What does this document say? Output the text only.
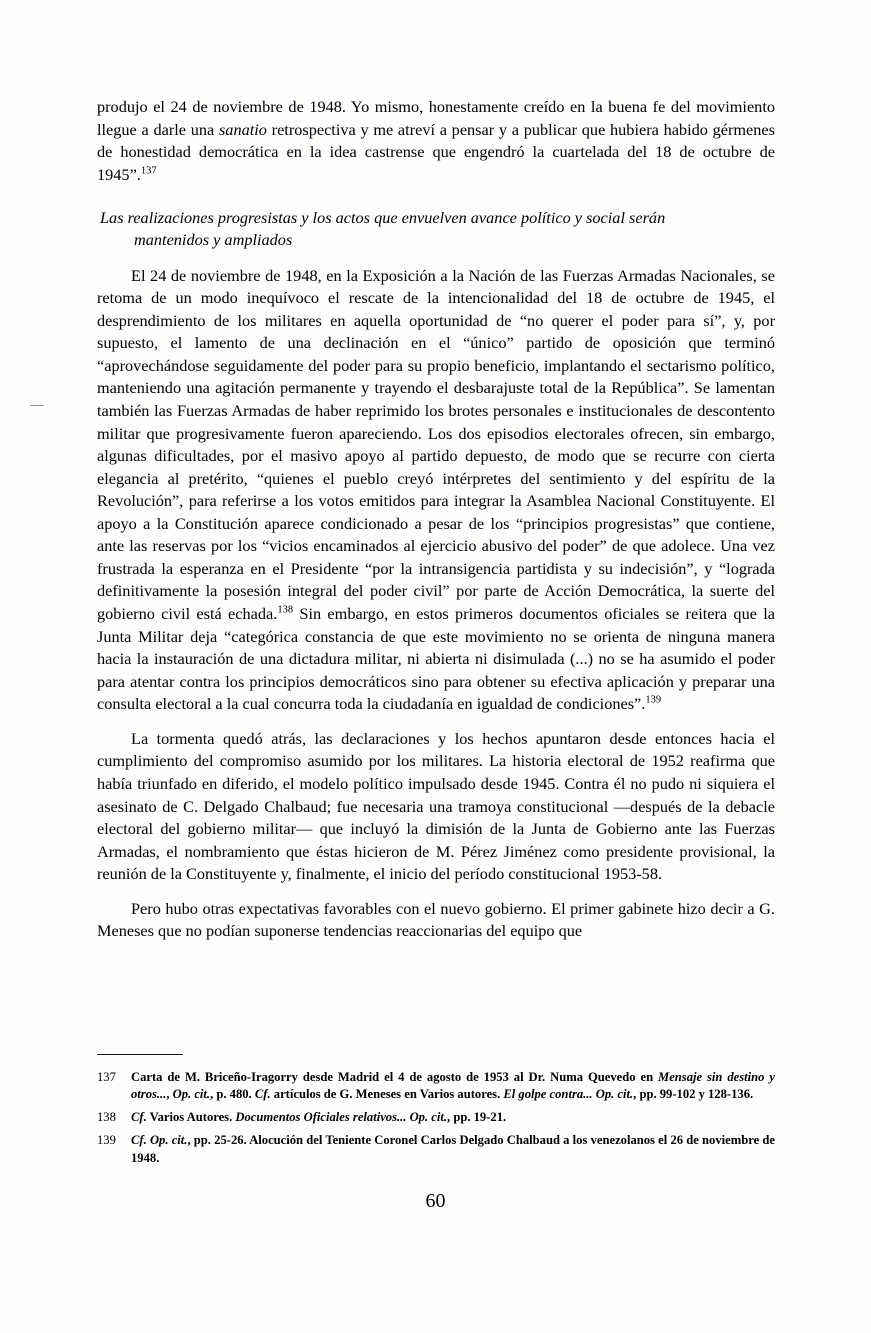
produjo el 24 de noviembre de 1948. Yo mismo, honestamente creído en la buena fe del movimiento llegue a darle una sanatio retrospectiva y me atreví a pensar y a publicar que hubiera habido gérmenes de honestidad democrática en la idea castrense que engendró la cuartelada del 18 de octubre de 1945”.$^{137}$

Las realizaciones progresistas y los actos que envuelven avance político y social serán
mantenidos y ampliados

El 24 de noviembre de 1948, en la Exposición a la Nación de las Fuerzas Armadas Nacionales, se retoma de un modo inequívoco el rescate de la intencionalidad del 18 de octubre de 1945, el desprendimiento de los militares en aquella oportunidad de “no querer el poder para sí”, y, por supuesto, el lamento de una declinación en el “único” partido de oposición que terminó “aprovechándose seguidamente del poder para su propio beneficio, implantando el sectarismo político, manteniendo una agitación permanente y trayendo el desbarajuste total de la República”. Se lamentan también las Fuerzas Armadas de haber reprimido los brotes personales e institucionales de descontento militar que progresivamente fueron apareciendo. Los dos episodios electorales ofrecen, sin embargo, algunas dificultades, por el masivo apoyo al partido depuesto, de modo que se recurre con cierta elegancia al pretérito, “quienes el pueblo creyó intérpretes del sentimiento y del espíritu de la Revolución”, para referirse a los votos emitidos para integrar la Asamblea Nacional Constituyente. El apoyo a la Constitución aparece condicionado a pesar de los “principios progresistas” que contiene, ante las reservas por los “vicios encaminados al ejercicio abusivo del poder” de que adolece. Una vez frustrada la esperanza en el Presidente “por la intransigencia partidista y su indecisión”, y “lograda definitivamente la posesión integral del poder civil” por parte de Acción Democrática, la suerte del gobierno civil está echada.$^{138}$ Sin embargo, en estos primeros documentos oficiales se reitera que la Junta Militar deja “categórica constancia de que este movimiento no se orienta de ninguna manera hacia la instauración de una dictadura militar, ni abierta ni disimulada (...) no se ha asumido el poder para atentar contra los principios democráticos sino para obtener su efectiva aplicación y preparar una consulta electoral a la cual concurra toda la ciudadanía en igualdad de condiciones”.$^{139}$

La tormenta quedó atrás, las declaraciones y los hechos apuntaron desde entonces hacia el cumplimiento del compromiso asumido por los militares. La historia electoral de 1952 reafirma que había triunfado en diferido, el modelo político impulsado desde 1945. Contra él no pudo ni siquiera el asesinato de C. Delgado Chalbaud; fue necesaria una tramoya constitucional —después de la debacle electoral del gobierno militar— que incluyó la dimisión de la Junta de Gobierno ante las Fuerzas Armadas, el nombramiento que éstas hicieron de M. Pérez Jiménez como presidente provisional, la reunión de la Constituyente y, finalmente, el inicio del período constitucional 1953-58.

Pero hubo otras expectativas favorables con el nuevo gobierno. El primer gabinete hizo decir a G. Meneses que no podían suponerse tendencias reaccionarias del equipo que

137	Carta de M. Briceño-Iragorry desde Madrid el 4 de agosto de 1953 al Dr. Numa Quevedo en Mensaje sin destino y otros..., Op. cit., p. 480. Cf. artículos de G. Meneses en Varios autores. El golpe contra... Op. cit., pp. 99-102 y 128-136.
138	Cf. Varios Autores. Documentos Oficiales relativos... Op. cit., pp. 19-21.
139	Cf. Op. cit., pp. 25-26. Alocución del Teniente Coronel Carlos Delgado Chalbaud a los venezolanos el 26 de noviembre de 1948.
60
